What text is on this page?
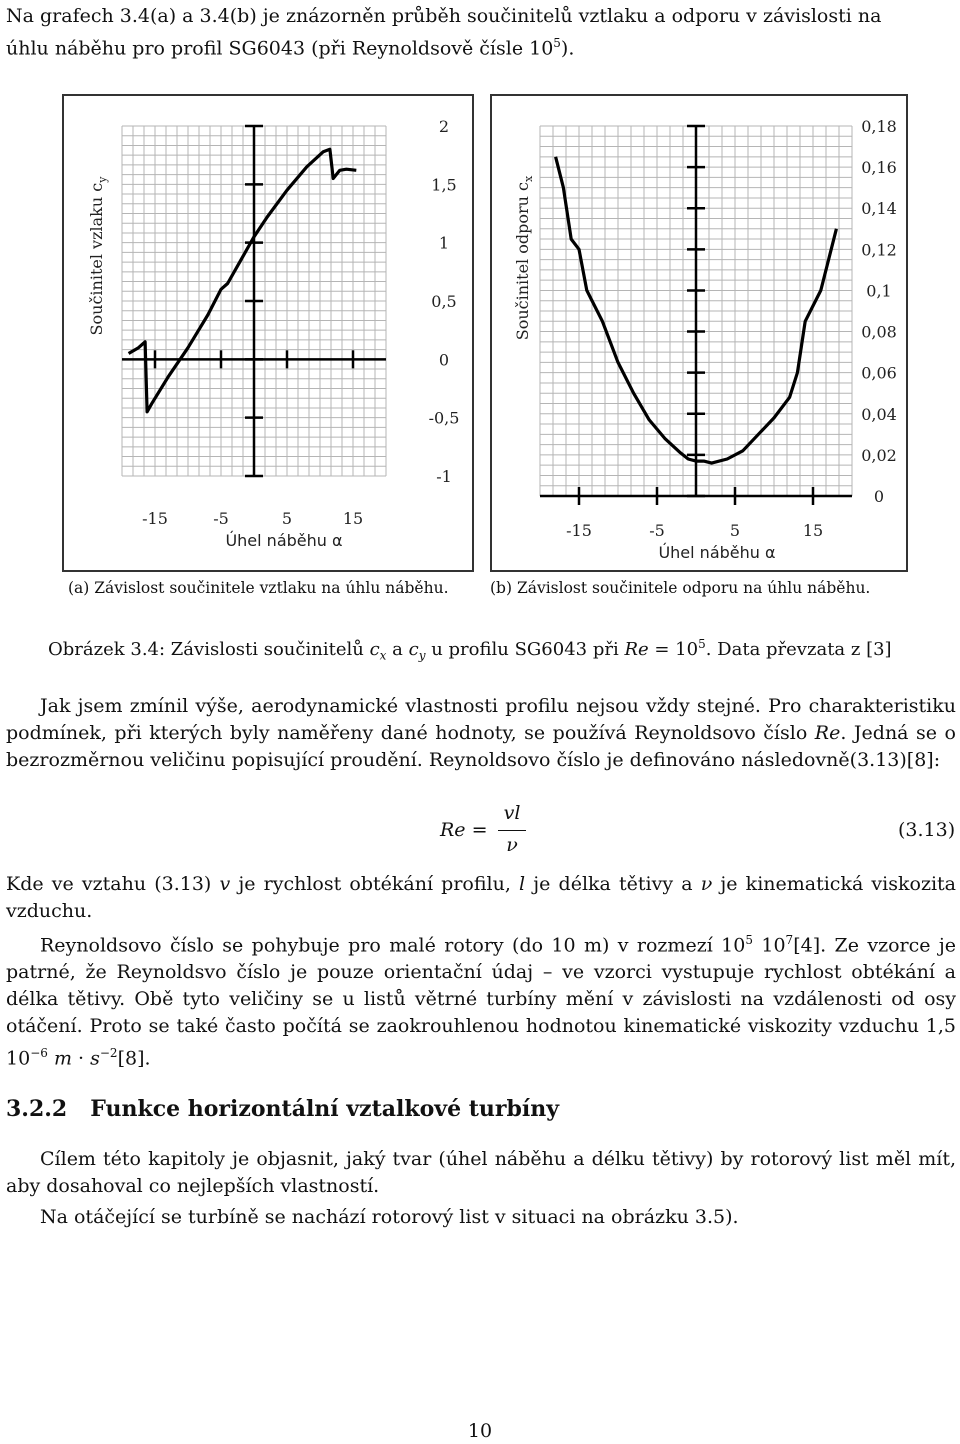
Na grafech 3.4(a) a 3.4(b) je znázorněn průběh součinitelů vztlaku a odporu v závislosti na
úhlu náběhu pro profil SG6043 (při Reynoldsově čísle $10^5$).
2
1,5
1
0,5
0
-0,5
-1
-15	-5	5	15
Úhel náběhu α
Součinitel vzlaku $c_y$
0,18
0,16
0,14
0,12
0,1
0,08
0,06
0,04
0,02
0
-15	-5	5	15
Úhel náběhu α
Součinitel odporu $c_x$
(a) Závislost součinitele vztlaku na úhlu náběhu.	(b) Závislost součinitele odporu na úhlu náběhu.
Obrázek 3.4: Závislosti součinitelů $c_x$ a $c_y$ u profilu SG6043 při $Re = 10^5$. Data převzata z [3]
Jak jsem zmínil výše, aerodynamické vlastnosti profilu nejsou vždy stejné. Pro charakteristiku podmínek, při kterých byly naměřeny dané hodnoty, se používá Reynoldsovo číslo Re. Jedná se o bezrozměrnou veličinu popisující proudění. Reynoldsovo číslo je definováno následovně(3.13)[8]:
Re =
vl
ν
(3.13)
Kde ve vztahu (3.13) v je rychlost obtékání profilu, l je délka tětivy a ν je kinematická viskozita vzduchu.
Reynoldsovo číslo se pohybuje pro malé rotory (do 10 m) v rozmezí $10^5$ $10^7[4]$. Ze vzorce je patrné, že Reynoldsvo číslo je pouze orientační údaj – ve vzorci vystupuje rychlost obtékání a délka tětivy. Obě tyto veličiny se u listů větrné turbíny mění v závislosti na vzdálenosti od osy otáčení. Proto se také často počítá se zaokrouhlenou hodnotou kinematické viskozity vzduchu 1,5 $10^{-6}$ $m \cdot s^{-2}[8]$.
3.2.2 Funkce horizontální vztalkové turbíny
Cílem této kapitoly je objasnit, jaký tvar (úhel náběhu a délku tětivy) by rotorový list měl mít, aby dosahoval co nejlepších vlastností.
Na otáčející se turbíně se nachází rotorový list v situaci na obrázku 3.5).
10
